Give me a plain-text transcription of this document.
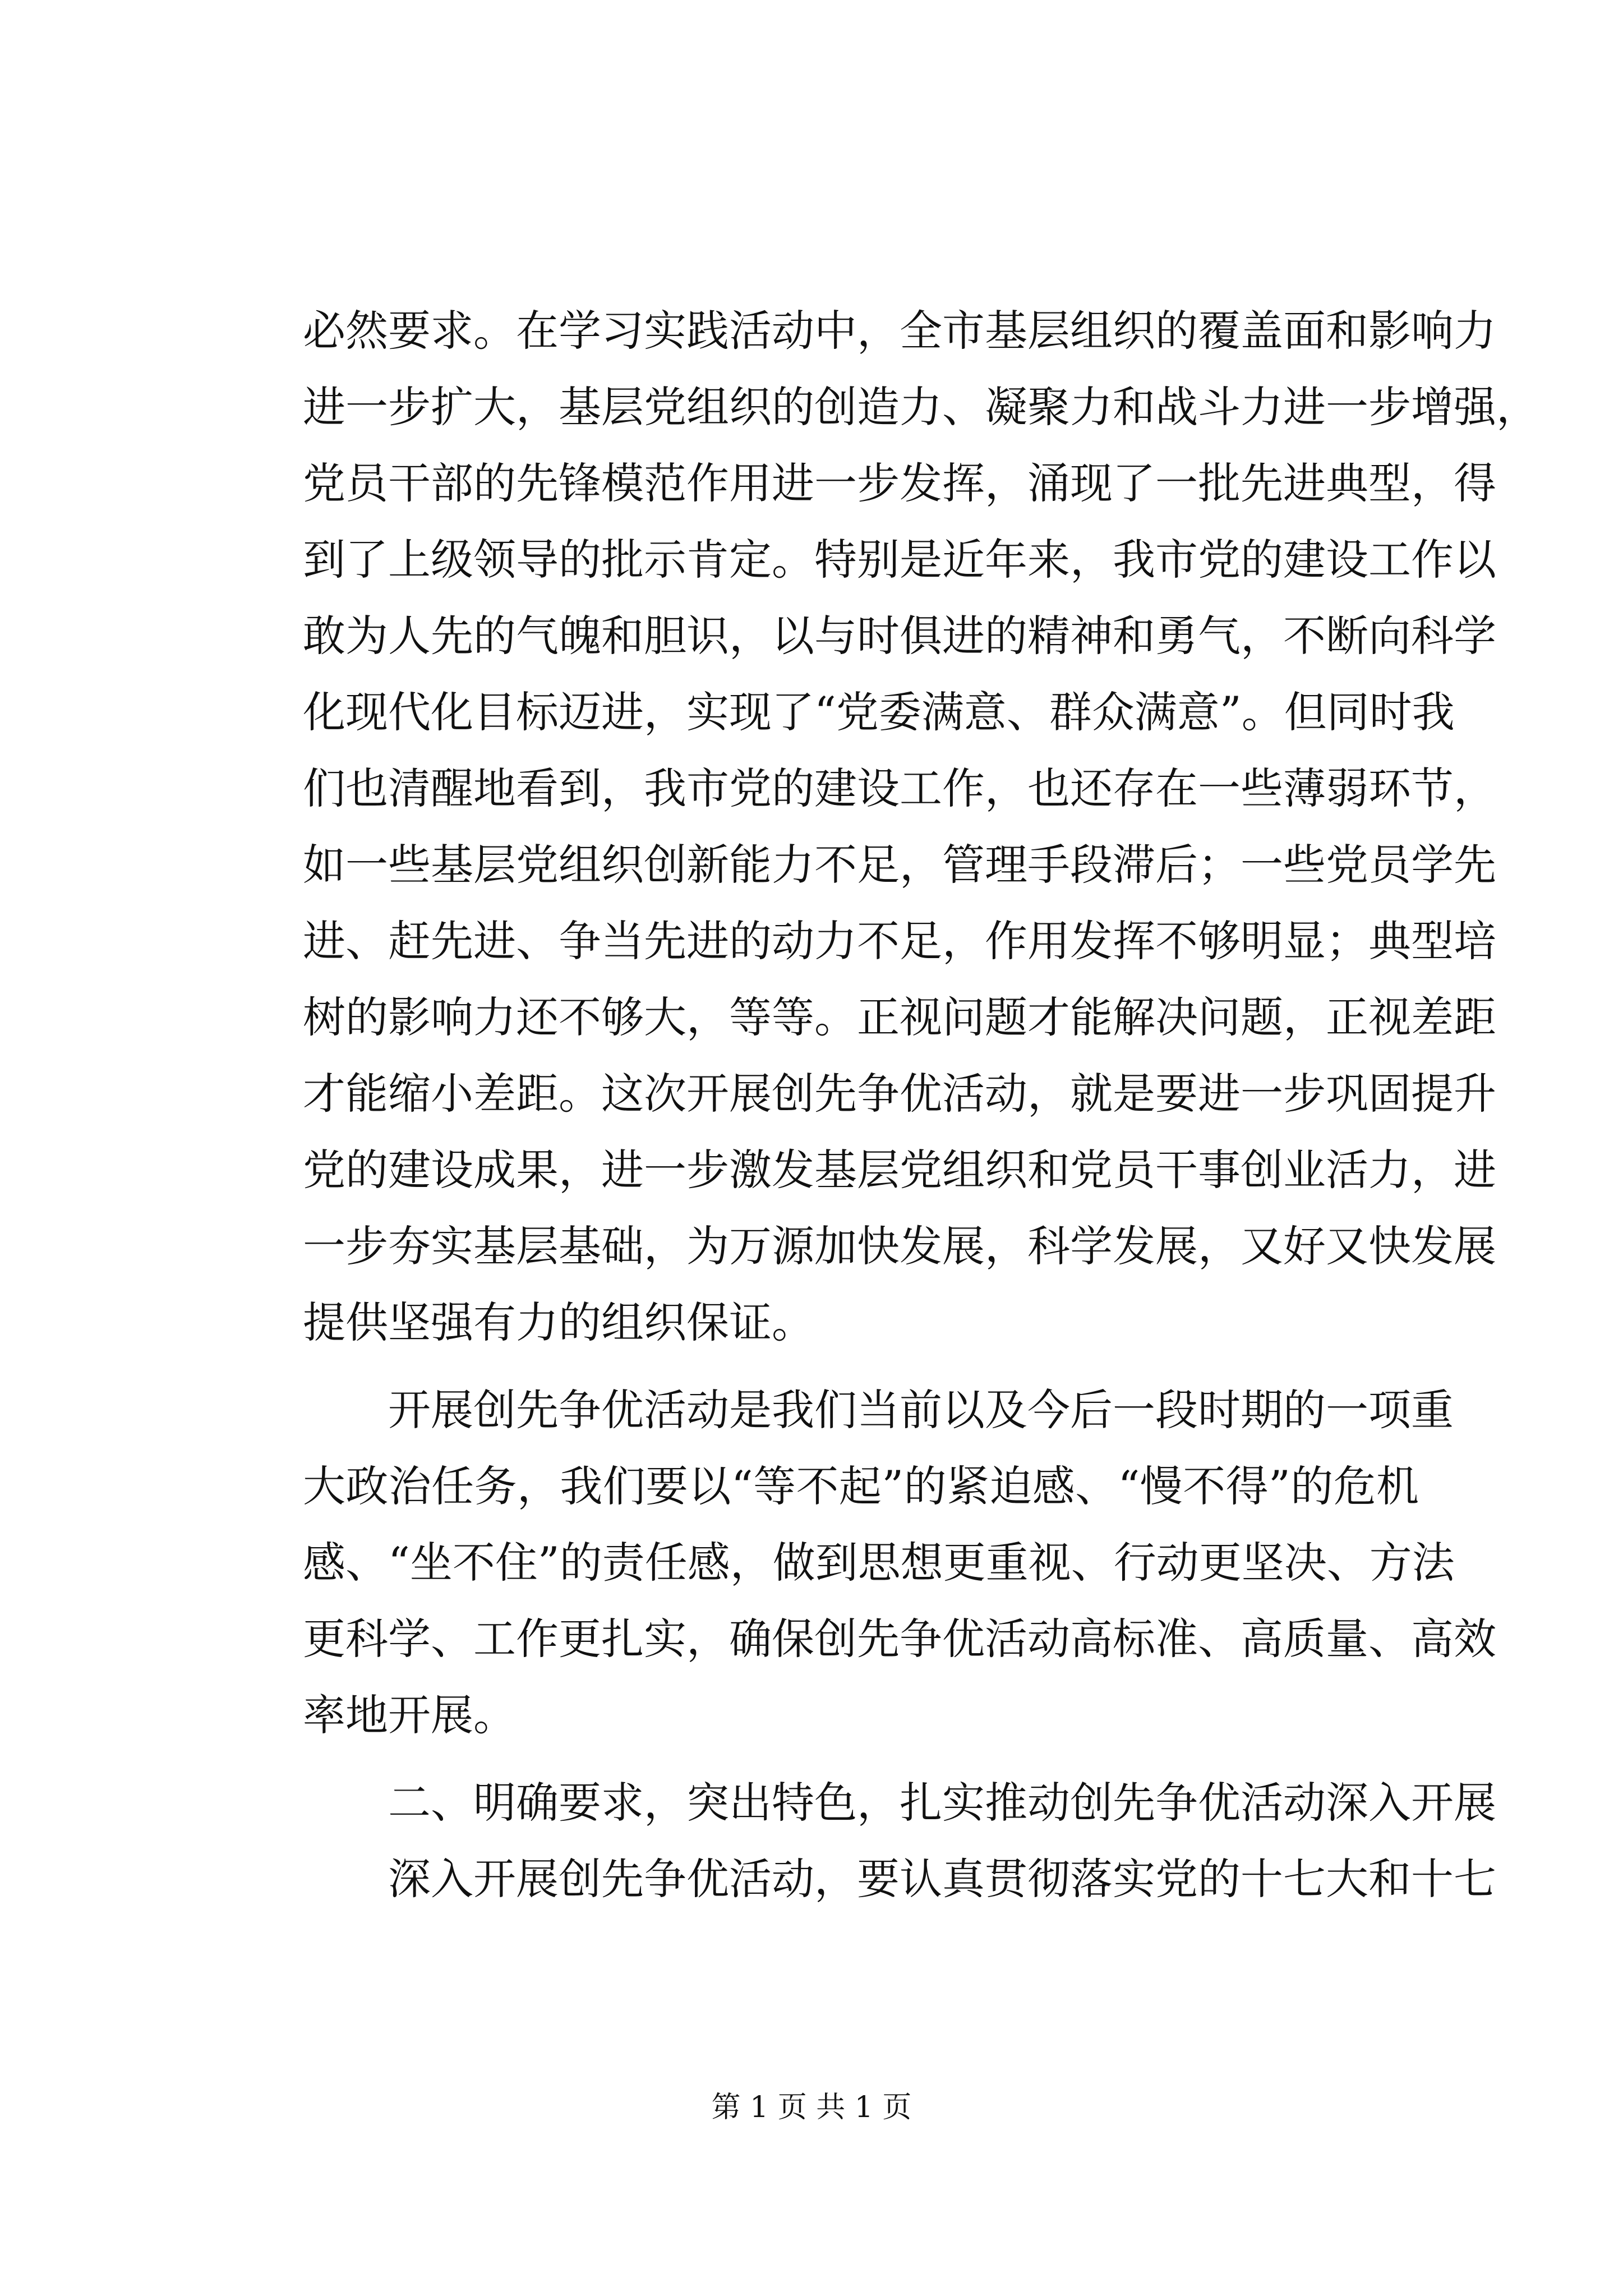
必然要求。在学习实践活动中，全市基层组织的覆盖面和影响力
进一步扩大，基层党组织的创造力、凝聚力和战斗力进一步增强，
党员干部的先锋模范作用进一步发挥，涌现了一批先进典型，得
到了上级领导的批示肯定。特别是近年来，我市党的建设工作以
敢为人先的气魄和胆识，以与时俱进的精神和勇气，不断向科学
化现代化目标迈进，实现了“党委满意、群众满意”。但同时我
们也清醒地看到，我市党的建设工作，也还存在一些薄弱环节，
如一些基层党组织创新能力不足，管理手段滞后；一些党员学先
进、赶先进、争当先进的动力不足，作用发挥不够明显；典型培
树的影响力还不够大，等等。正视问题才能解决问题，正视差距
才能缩小差距。这次开展创先争优活动，就是要进一步巩固提升
党的建设成果，进一步激发基层党组织和党员干事创业活力，进
一步夯实基层基础，为万源加快发展，科学发展，又好又快发展
提供坚强有力的组织保证。
开展创先争优活动是我们当前以及今后一段时期的一项重
大政治任务，我们要以“等不起”的紧迫感、“慢不得”的危机
感、“坐不住”的责任感，做到思想更重视、行动更坚决、方法
更科学、工作更扎实，确保创先争优活动高标准、高质量、高效
率地开展。
二、明确要求，突出特色，扎实推动创先争优活动深入开展
深入开展创先争优活动，要认真贯彻落实党的十七大和十七
第 1 页 共 1 页
